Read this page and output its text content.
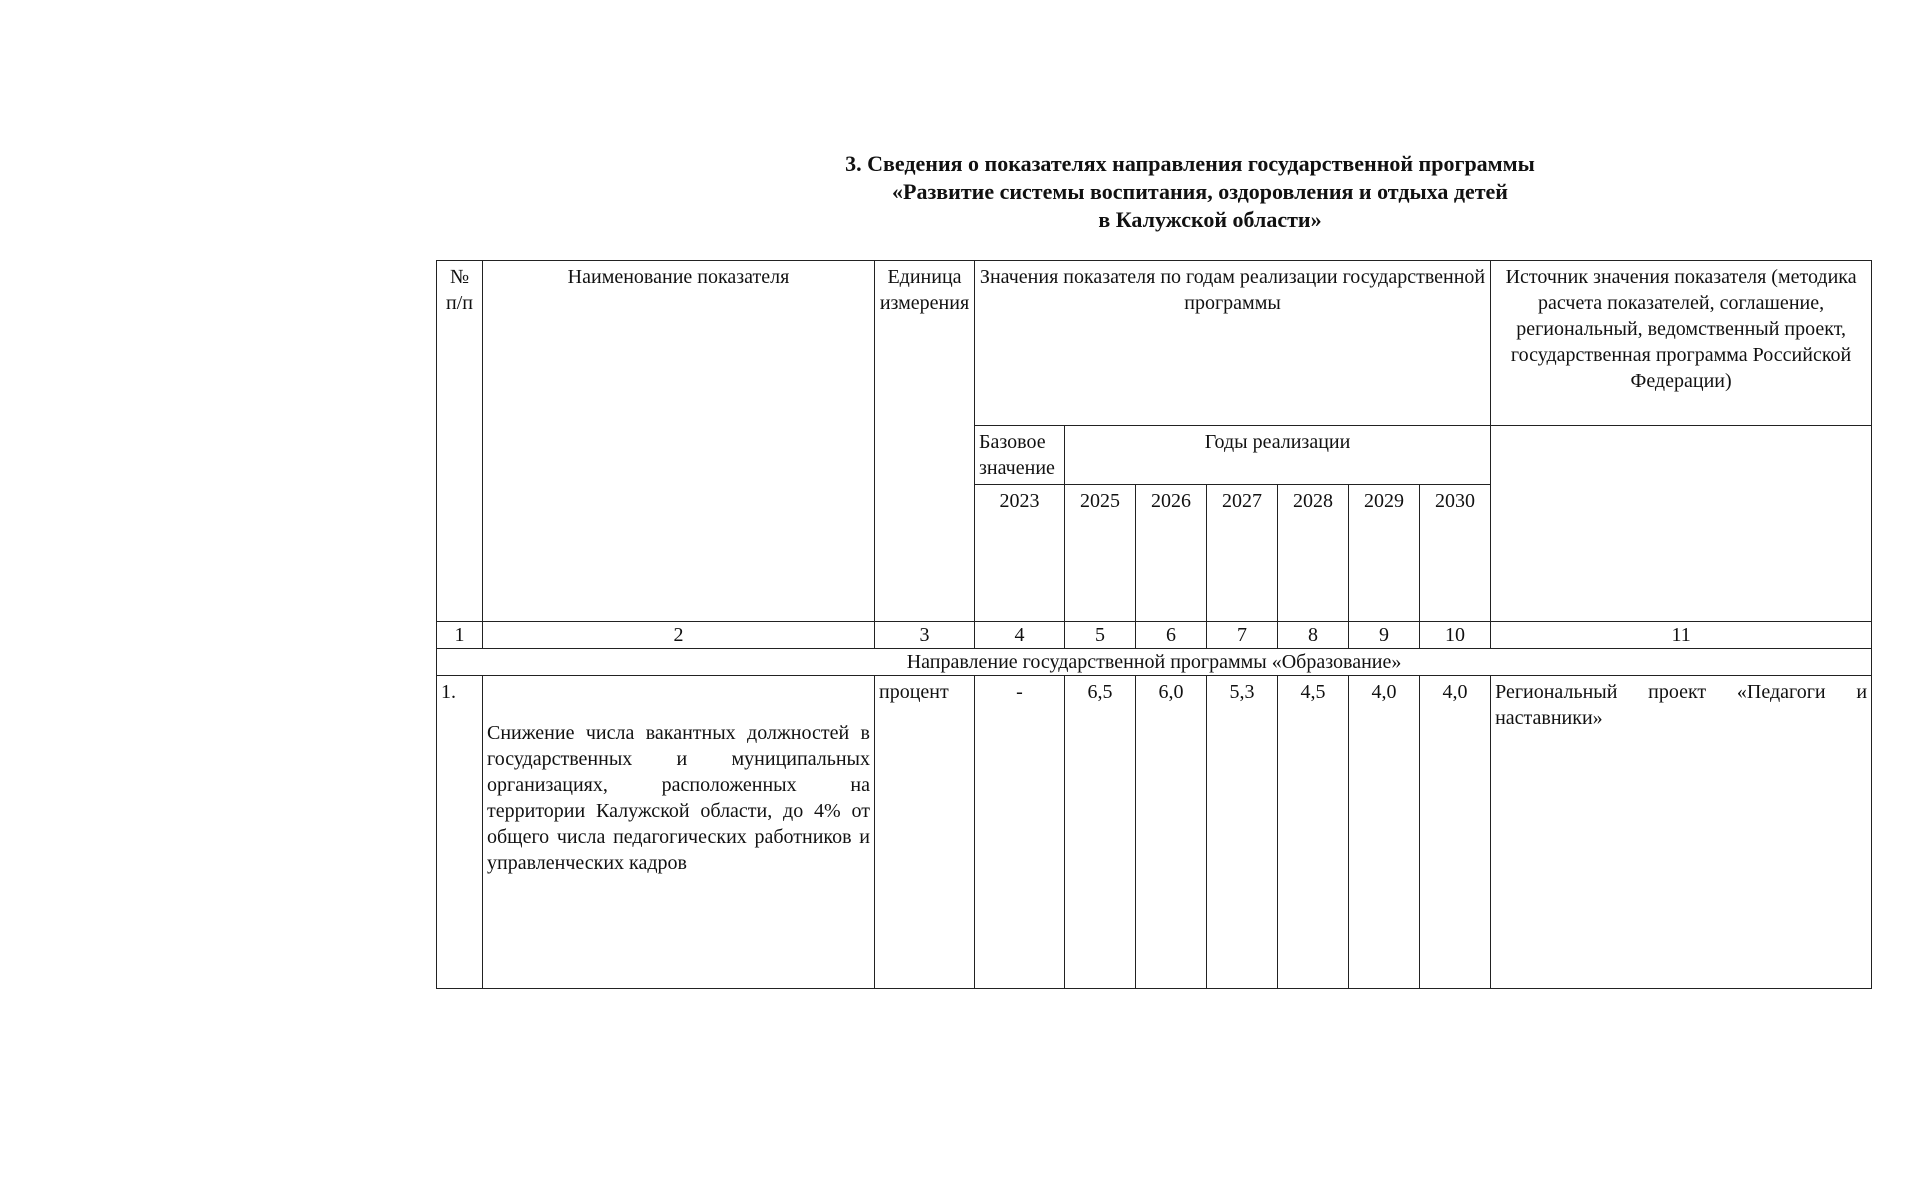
3. Сведения о показателях направления государственной программы
«Развитие системы воспитания, оздоровления и отдыха детей
в Калужской области»
№ п/п	Наименование показателя	Единица измерения	Значения показателя по годам реализации государственной программы							Источник значения показателя (методика расчета показателей, соглашение, региональный, ведомственный проект, государственная программа Российской Федерации)
			Базовое значение	Годы реализации						
			2023	2025	2026	2027	2028	2029	2030	
1	2	3	4	5	6	7	8	9	10	11
Направление государственной программы «Образование»										
1.	Снижение числа вакантных должностей в государственных и муниципальных организациях, расположенных на территории Калужской области, до 4% от общего числа педагогических работников и управленческих кадров	процент	-	6,5	6,0	5,3	4,5	4,0	4,0	Региональный проект «Педагоги и наставники»
